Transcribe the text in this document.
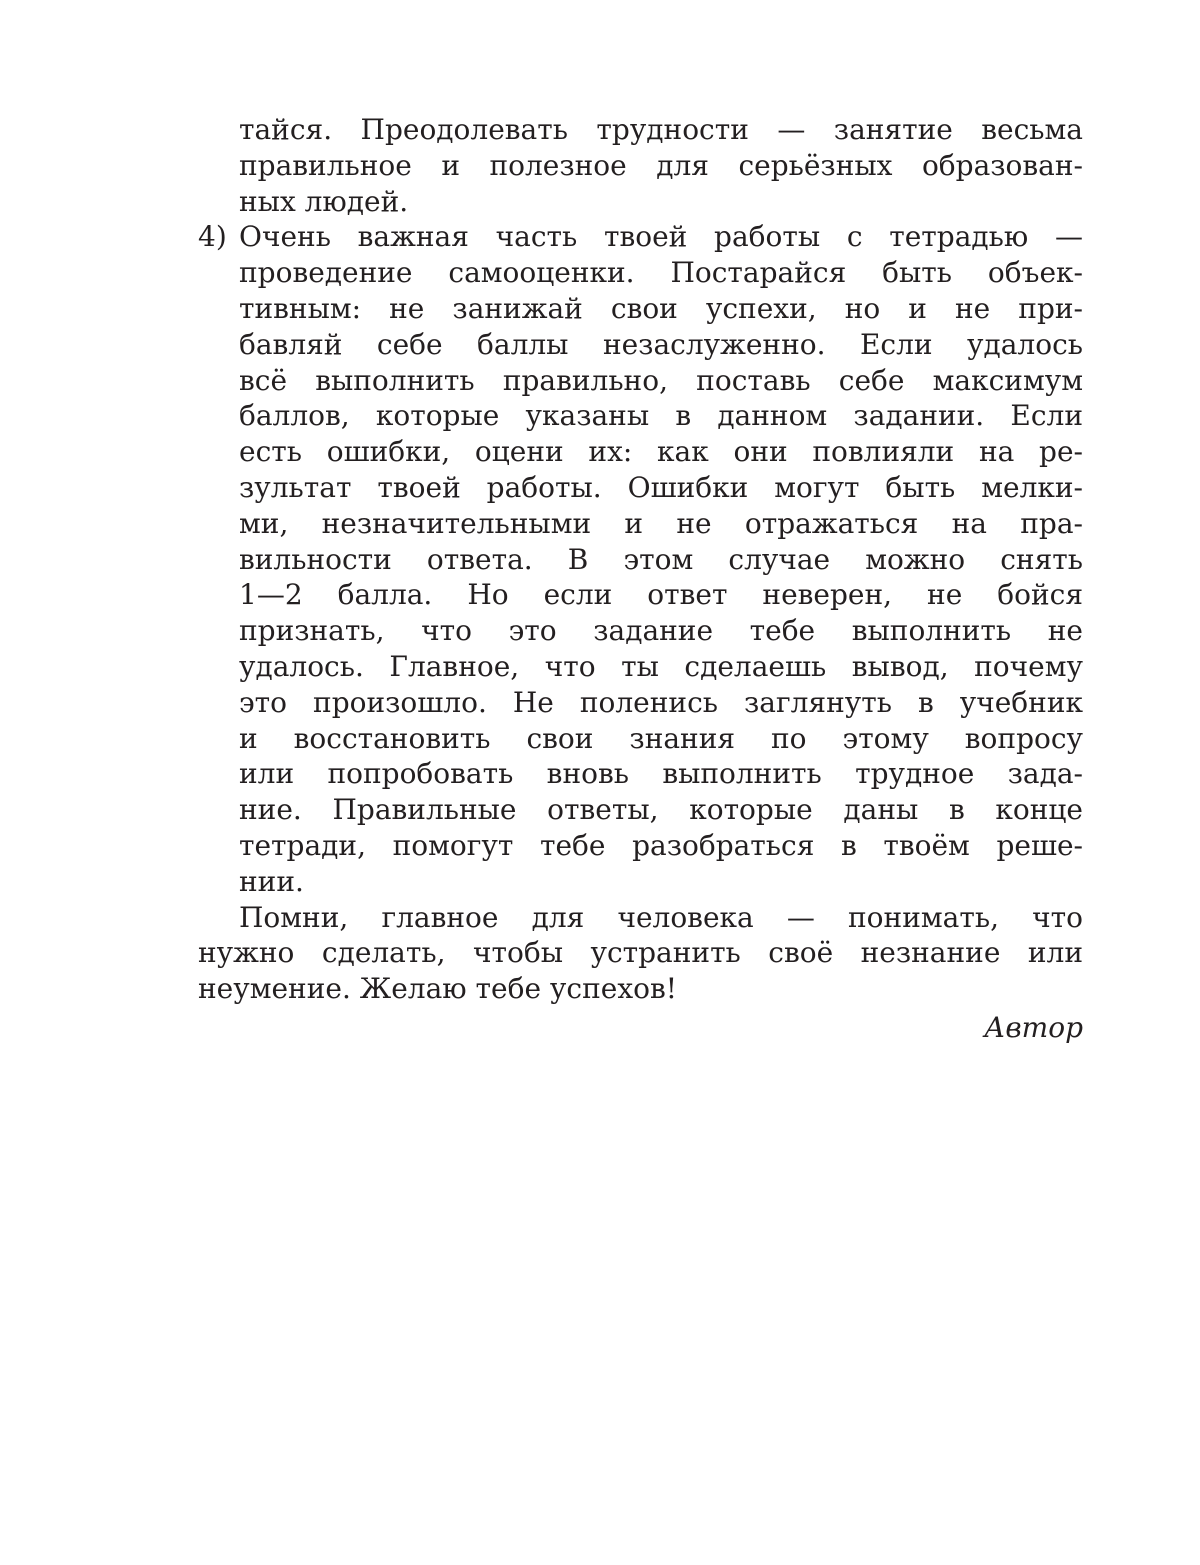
тайся. Преодолевать трудности — занятие весьма
правильное и полезное для серьёзных образован-
ных людей.
4) Очень важная часть твоей работы с тетрадью —
проведение самооценки. Постарайся быть объек-
тивным: не занижай свои успехи, но и не при-
бавляй себе баллы незаслуженно. Если удалось
всё выполнить правильно, поставь себе максимум
баллов, которые указаны в данном задании. Если
есть ошибки, оцени их: как они повлияли на ре-
зультат твоей работы. Ошибки могут быть мелки-
ми, незначительными и не отражаться на пра-
вильности ответа. В этом случае можно снять
1—2 балла. Но если ответ неверен, не бойся
признать, что это задание тебе выполнить не
удалось. Главное, что ты сделаешь вывод, почему
это произошло. Не поленись заглянуть в учебник
и восстановить свои знания по этому вопросу
или попробовать вновь выполнить трудное зада-
ние. Правильные ответы, которые даны в конце
тетради, помогут тебе разобраться в твоём реше-
нии.
Помни, главное для человека — понимать, что
нужно сделать, чтобы устранить своё незнание или
неумение. Желаю тебе успехов!
Автор
